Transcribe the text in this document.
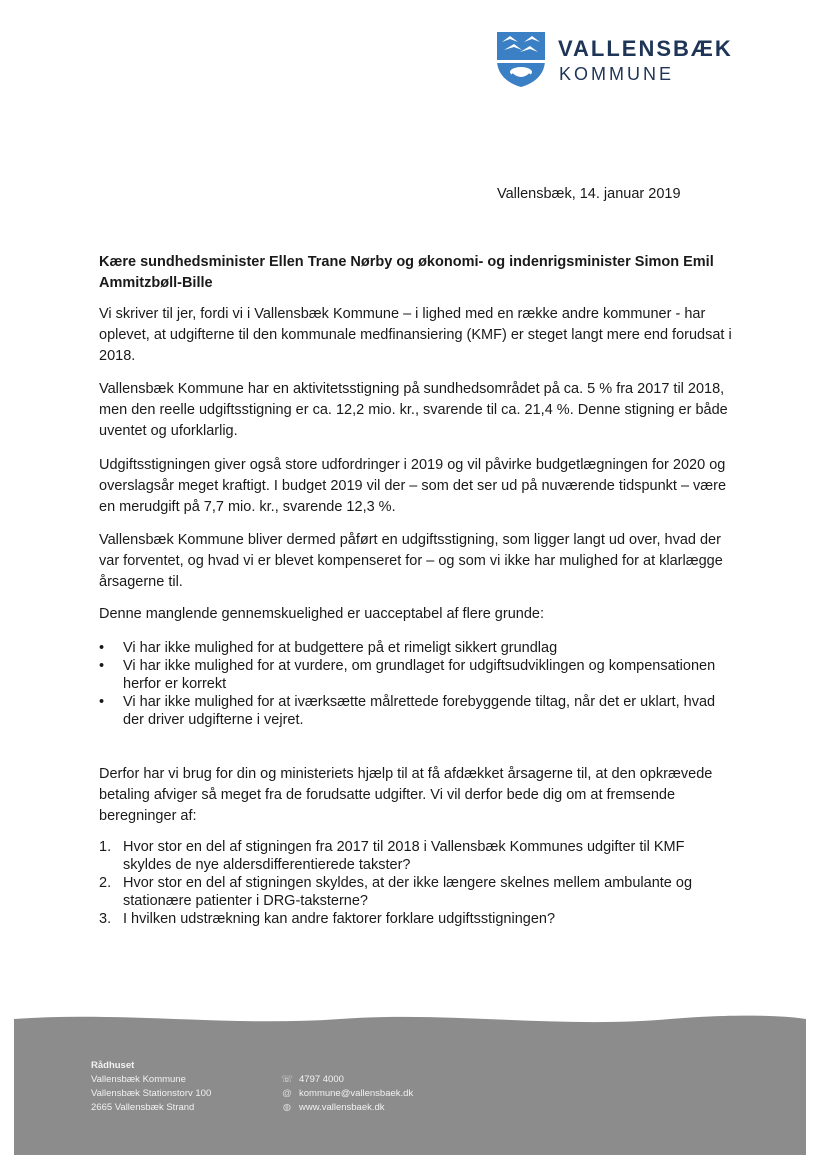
VALLENSBÆK
KOMMUNE
Vallensbæk, 14. januar 2019
Kære sundhedsminister Ellen Trane Nørby og økonomi- og indenrigsminister Simon Emil Ammitzbøll-Bille
Vi skriver til jer, fordi vi i Vallensbæk Kommune – i lighed med en række andre kommuner - har oplevet, at udgifterne til den kommunale medfinansiering (KMF) er steget langt mere end forudsat i 2018.
Vallensbæk Kommune har en aktivitetsstigning på sundhedsområdet på ca. 5 % fra 2017 til 2018, men den reelle udgiftsstigning er ca. 12,2 mio. kr., svarende til ca. 21,4 %. Denne stigning er både uventet og uforklarlig.
Udgiftsstigningen giver også store udfordringer i 2019 og vil påvirke budgetlægningen for 2020 og overslagsår meget kraftigt. I budget 2019 vil der – som det ser ud på nuværende tidspunkt – være en merudgift på 7,7 mio. kr., svarende 12,3 %.
Vallensbæk Kommune bliver dermed påført en udgiftsstigning, som ligger langt ud over, hvad der var forventet, og hvad vi er blevet kompenseret for – og som vi ikke har mulighed for at klarlægge årsagerne til.
Denne manglende gennemskuelighed er uacceptabel af flere grunde:
• Vi har ikke mulighed for at budgettere på et rimeligt sikkert grundlag
• Vi har ikke mulighed for at vurdere, om grundlaget for udgiftsudviklingen og kompensationen herfor er korrekt
• Vi har ikke mulighed for at iværksætte målrettede forebyggende tiltag, når det er uklart, hvad der driver udgifterne i vejret.
Derfor har vi brug for din og ministeriets hjælp til at få afdækket årsagerne til, at den opkrævede betaling afviger så meget fra de forudsatte udgifter. Vi vil derfor bede dig om at fremsende beregninger af:
1. Hvor stor en del af stigningen fra 2017 til 2018 i Vallensbæk Kommunes udgifter til KMF skyldes de nye aldersdifferentierede takster?
2. Hvor stor en del af stigningen skyldes, at der ikke længere skelnes mellem ambulante og stationære patienter i DRG-taksterne?
3. I hvilken udstrækning kan andre faktorer forklare udgiftsstigningen?
Rådhuset
Vallensbæk Kommune
Vallensbæk Stationstorv 100
2665 Vallensbæk Strand
☏ 4797 4000
@ kommune@vallensbaek.dk
◍ www.vallensbaek.dk
